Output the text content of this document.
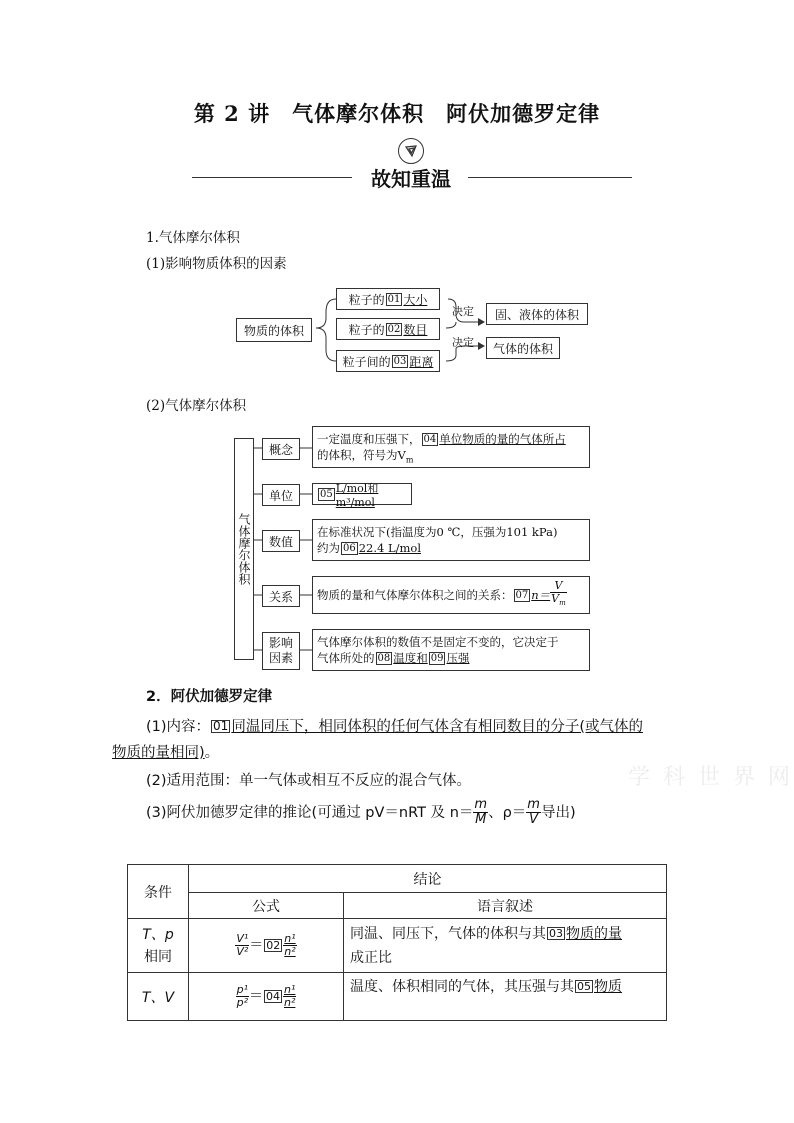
第 2 讲　气体摩尔体积　阿伏加德罗定律
故知重温
1.气体摩尔体积
(1)影响物质体积的因素
物质的体积
粒子的 01 大小
粒子的 02 数目
粒子间的 03 距离
决定
决定
固、液体的体积
气体的体积
(2)气体摩尔体积
气体摩尔体积
概念
一定温度和压强下， 04 单位物质的量的气体所占
的体积，符号为$V_m$
单位	05 L/mol和m³/mol
数值
在标准状况下(指温度为0 ℃，压强为101 kPa)
约为 06 22.4 L/mol
关系 物质的量和气体摩尔体积之间的关系： 07 $n= \frac{V}{V_m}$
影响
因素
气体摩尔体积的数值不是固定不变的，它决定于
气体所处的 08 温度和 09 压强
2．阿伏加德罗定律
(1)内容： 01 同温同压下，相同体积的任何气体含有相同数目的分子(或气体的
物质的量相同)。
(2)适用范围：单一气体或相互不反应的混合气体。
(3)阿伏加德罗定律的推论(可通过 pV＝nRT 及 $n= \frac{m}{M}$ 、$\rho= \frac{m}{V}$ 导出)
条件	结论	
	公式	语言叙述
T、p
相同	$\frac{\text{V¹}}{\text{V²}} = 02 \frac{\text{n¹}}{\text{n²}}$	同温、同压下，气体的体积与其 03 物质的量
成正比
T、V	$\frac{\text{p¹}}{\text{p²}} = 04 \frac{\text{n¹}}{\text{n²}}$	温度、体积相同的气体，其压强与其 05 物质
学 科 世 界 网
